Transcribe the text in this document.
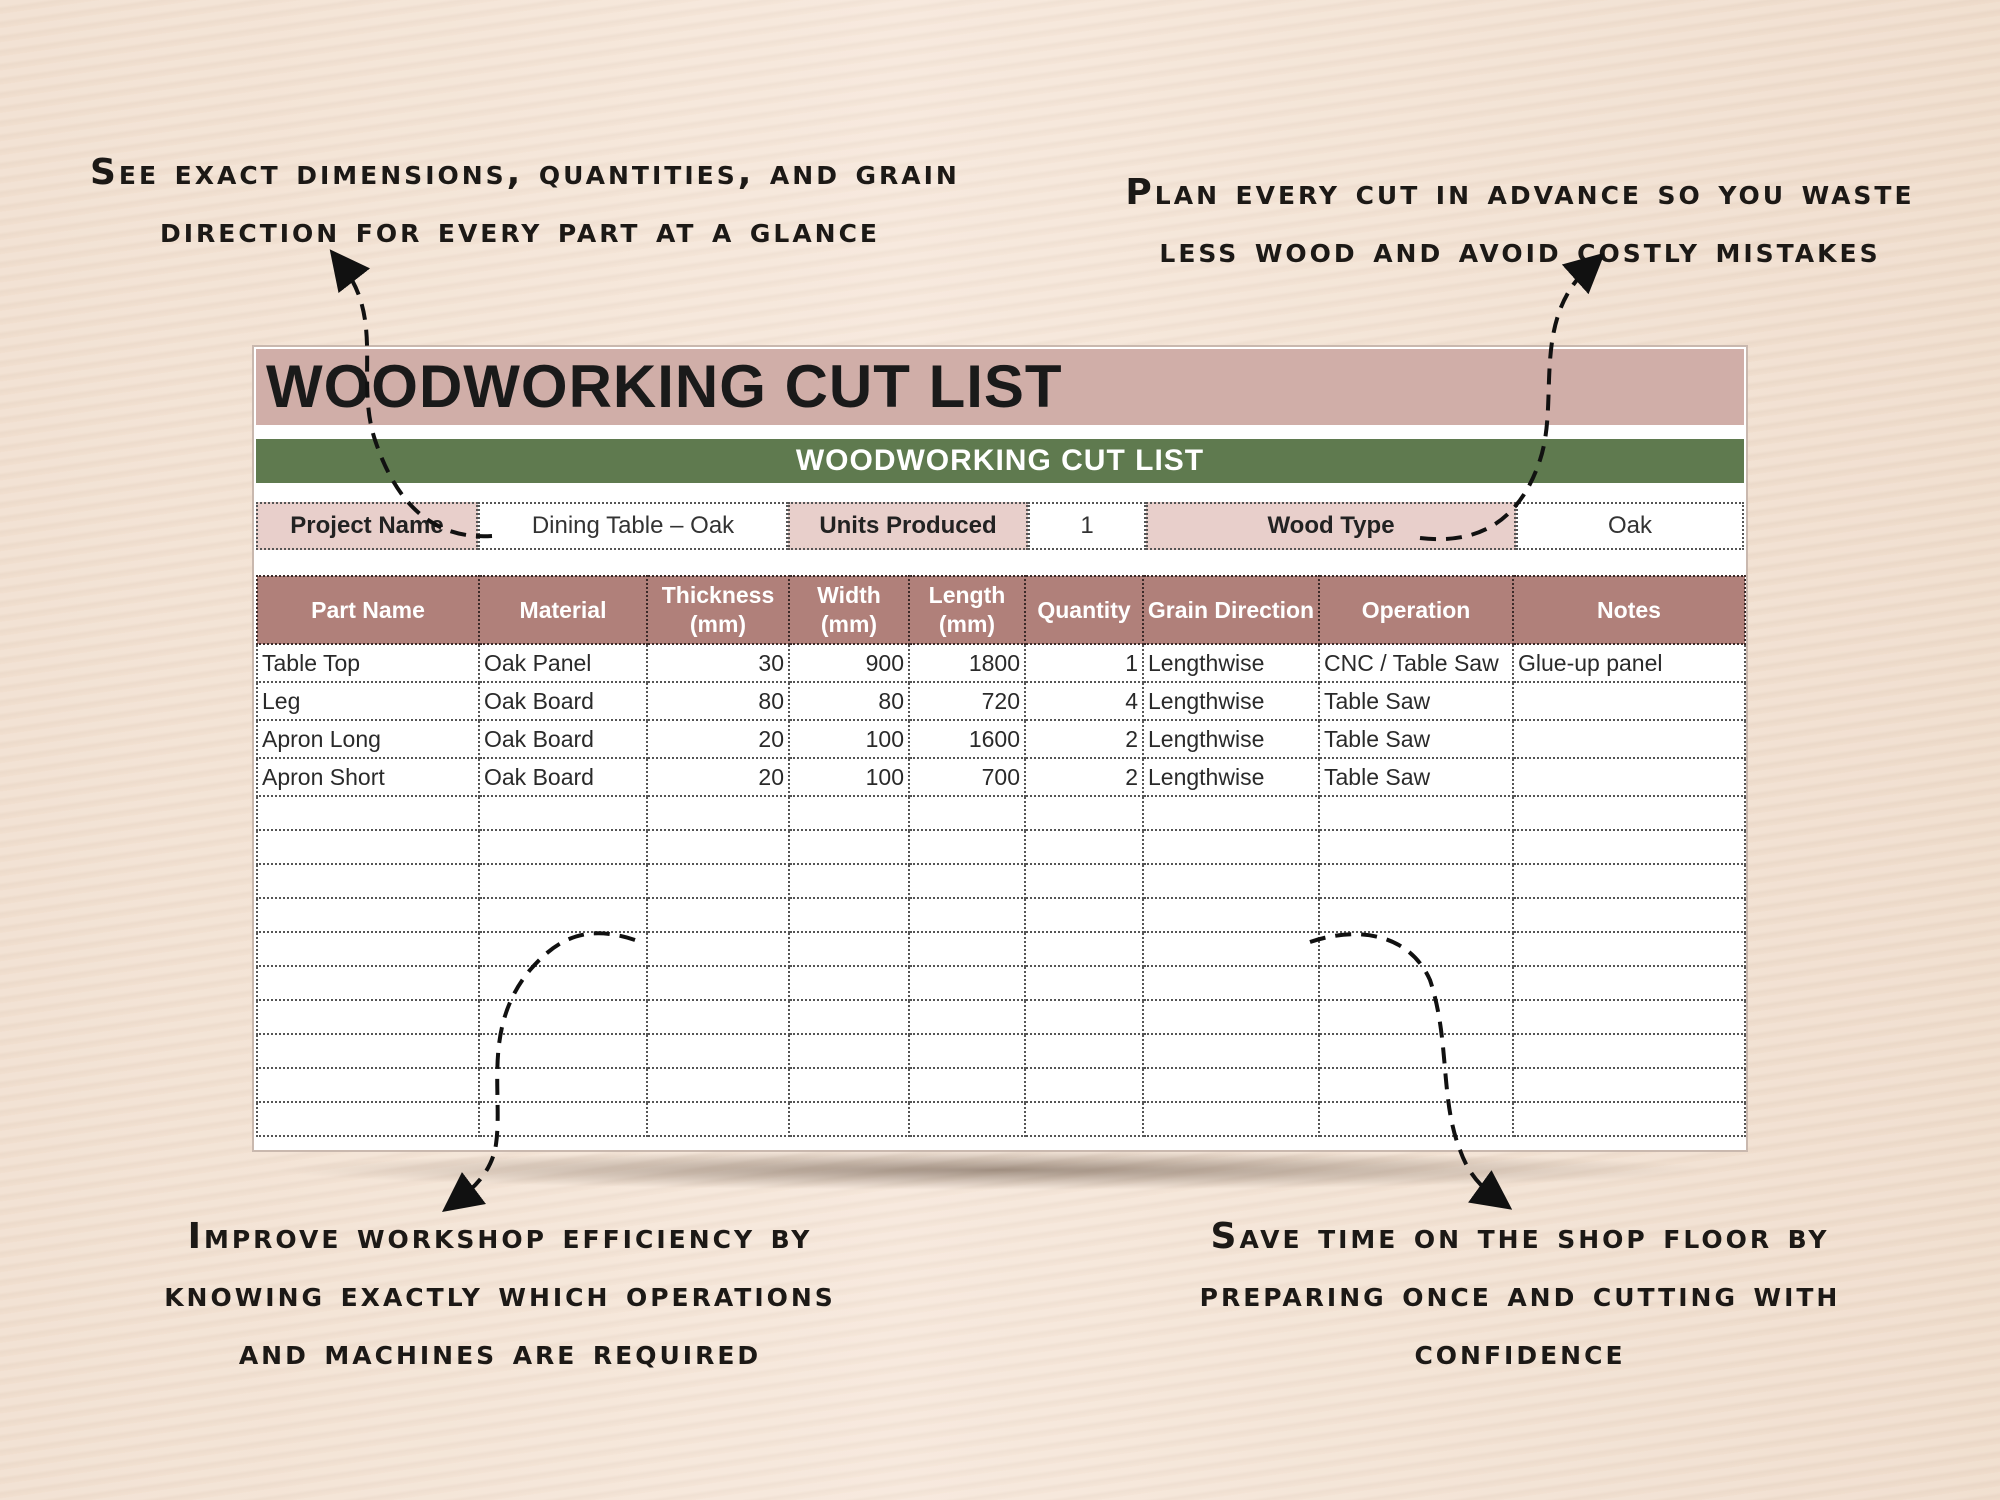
See exact dimensions, quantities, and grain
direction for every part at a glance
Plan every cut in advance so you waste
less wood and avoid costly mistakes
Improve workshop efficiency by
knowing exactly which operations
and machines are required
Save time on the shop floor by
preparing once and cutting with
confidence
WOODWORKING CUT LIST
WOODWORKING CUT LIST
Project Name	Dining Table – Oak	Units Produced	1	Wood Type	Oak
Part Name	Material	Thickness (mm)	Width (mm)	Length (mm)	Quantity	Grain Direction	Operation	Notes
Table Top	Oak Panel	30	900	1800	1	Lengthwise	CNC / Table Saw	Glue-up panel
Leg	Oak Board	80	80	720	4	Lengthwise	Table Saw	
Apron Long	Oak Board	20	100	1600	2	Lengthwise	Table Saw	
Apron Short	Oak Board	20	100	700	2	Lengthwise	Table Saw	
